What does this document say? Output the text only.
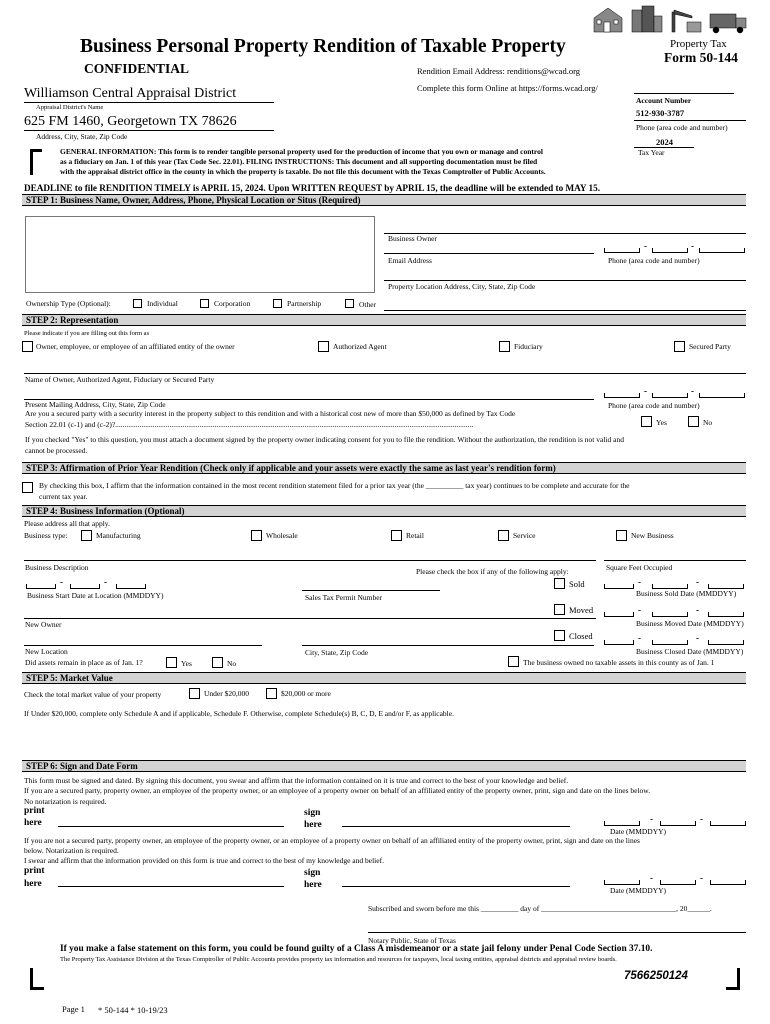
Business Personal Property Rendition of Taxable Property
CONFIDENTIAL
Property Tax
Form 50-144
Rendition Email Address: renditions@wcad.org
Complete this form Online at https://forms.wcad.org/
Williamson Central Appraisal District
Appraisal District's Name
625 FM 1460, Georgetown TX 78626
Address, City, State, Zip Code
Account Number
512-930-3787
Phone (area code and number)
2024
Tax Year
GENERAL INFORMATION: This form is to render tangible personal property used for the production of income that you own or manage and control
as a fiduciary on Jan. 1 of this year (Tax Code Sec. 22.01). FILING INSTRUCTIONS: This document and all supporting documentation must be filed
with the appraisal district office in the county in which the property is taxable. Do not file this document with the Texas Comptroller of Public Accounts.
DEADLINE to file RENDITION TIMELY is APRIL 15, 2024. Upon WRITTEN REQUEST by APRIL 15, the deadline will be extended to MAY 15.
STEP 1: Business Name, Owner, Address, Phone, Physical Location or Situs (Required)
Business Owner
Email Address
-	-
Phone (area code and number)
Property Location Address, City, State, Zip Code
Ownership Type (Optional):	Individual	Corporation	Partnership	Other
STEP 2: Representation
Please indicate if you are filling out this form as
Owner, employee, or employee of an affiliated entity of the owner	Authorized Agent	Fiduciary	Secured Party
Name of Owner, Authorized Agent, Fiduciary or Secured Party
Present Mailing Address, City, State, Zip Code
-	-
Phone (area code and number)
Are you a secured party with a security interest in the property subject to this rendition and with a historical cost new of more than $50,000 as defined by Tax Code
Section 22.01 (c-1) and (c-2)?...............................................................................................................................................................................................	Yes	No
If you checked "Yes" to this question, you must attach a document signed by the property owner indicating consent for you to file the rendition. Without the authorization, the rendition is not valid and
cannot be processed.
STEP 3: Affirmation of Prior Year Rendition (Check only if applicable and your assets were exactly the same as last year's rendition form)
By checking this box, I affirm that the information contained in the most recent rendition statement filed for a prior tax year (the __________ tax year) continues to be complete and accurate for the
current tax year.
STEP 4: Business Information (Optional)
Please address all that apply.
Business type:	Manufacturing	Wholesale	Retail	Service	New Business
Business Description	Square Feet Occupied
Please check the box if any of the following apply:
Sold
-	-
Business Start Date at Location (MMDDYY)	Sales Tax Permit Number
-	-
Business Sold Date (MMDDYY)
Moved
New Owner
-	-
Business Moved Date (MMDDYY)
Closed
New Location	City, State, Zip Code
-	-
Business Closed Date (MMDDYY)
Did assets remain in place as of Jan. 1?	Yes	No	The business owned no taxable assets in this county as of Jan. 1
STEP 5: Market Value
Check the total market value of your property	Under $20,000	$20,000 or more
If Under $20,000, complete only Schedule A and if applicable, Schedule F. Otherwise, complete Schedule(s) B, C, D, E and/or F, as applicable.
STEP 6: Sign and Date Form
This form must be signed and dated. By signing this document, you swear and affirm that the information contained on it is true and correct to the best of your knowledge and belief.
If you are a secured party, property owner, an employee of the property owner, or an employee of a property owner on behalf of an affiliated entity of the property owner, print, sign and date on the lines below.
No notarization is required.
print
here
sign
here
-	-
Date (MMDDYY)
If you are not a secured party, property owner, an employee of the property owner, or an employee of a property owner on behalf of an affiliated entity of the property owner, print, sign and date on the lines
below. Notarization is required.
I swear and affirm that the information provided on this form is true and correct to the best of my knowledge and belief.
print
here
sign
here
-	-
Date (MMDDYY)
Subscribed and sworn before me this __________ day of ____________________________________, 20______.
Notary Public, State of Texas
If you make a false statement on this form, you could be found guilty of a Class A misdemeanor or a state jail felony under Penal Code Section 37.10.
The Property Tax Assistance Division at the Texas Comptroller of Public Accounts provides property tax information and resources for taxpayers, local taxing entities, appraisal districts and appraisal review boards.
7566250124
Page 1 * 50-144 * 10-19/23
